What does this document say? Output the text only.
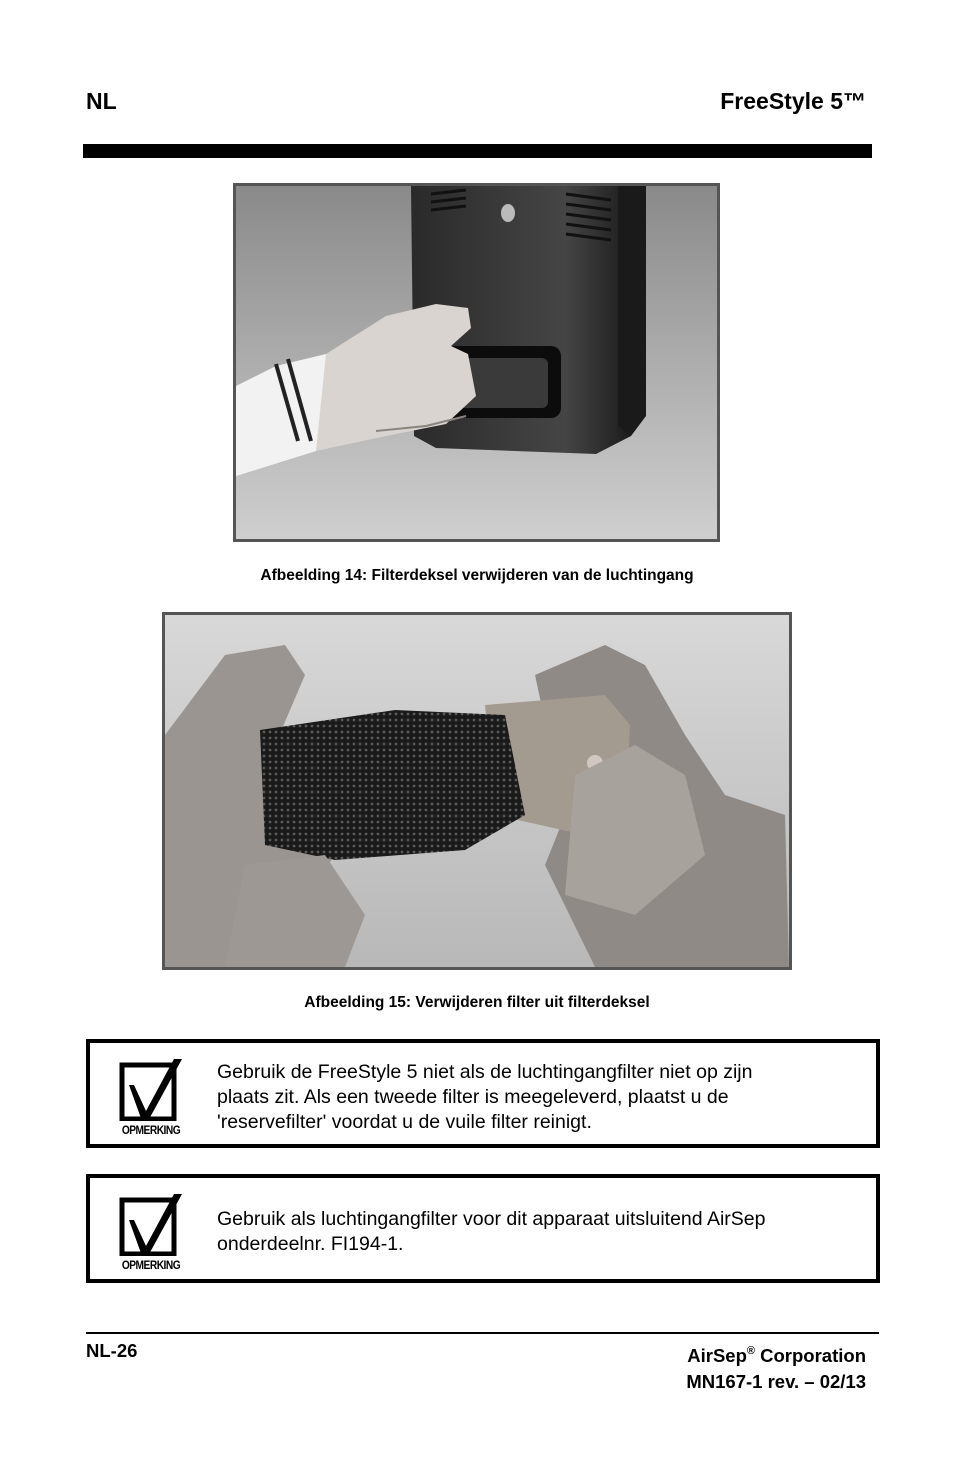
NL	FreeStyle 5™
Afbeelding 14: Filterdeksel verwijderen van de luchtingang
Afbeelding 15: Verwijderen filter uit filterdeksel
OPMERKING
Gebruik de FreeStyle 5 niet als de luchtingangfilter niet op zijn
plaats zit. Als een tweede filter is meegeleverd, plaatst u de
'reservefilter' voordat u de vuile filter reinigt.
OPMERKING
Gebruik als luchtingangfilter voor dit apparaat uitsluitend AirSep
onderdeelnr. FI194-1.
NL-26	AirSep® Corporation
MN167-1 rev. – 02/13
